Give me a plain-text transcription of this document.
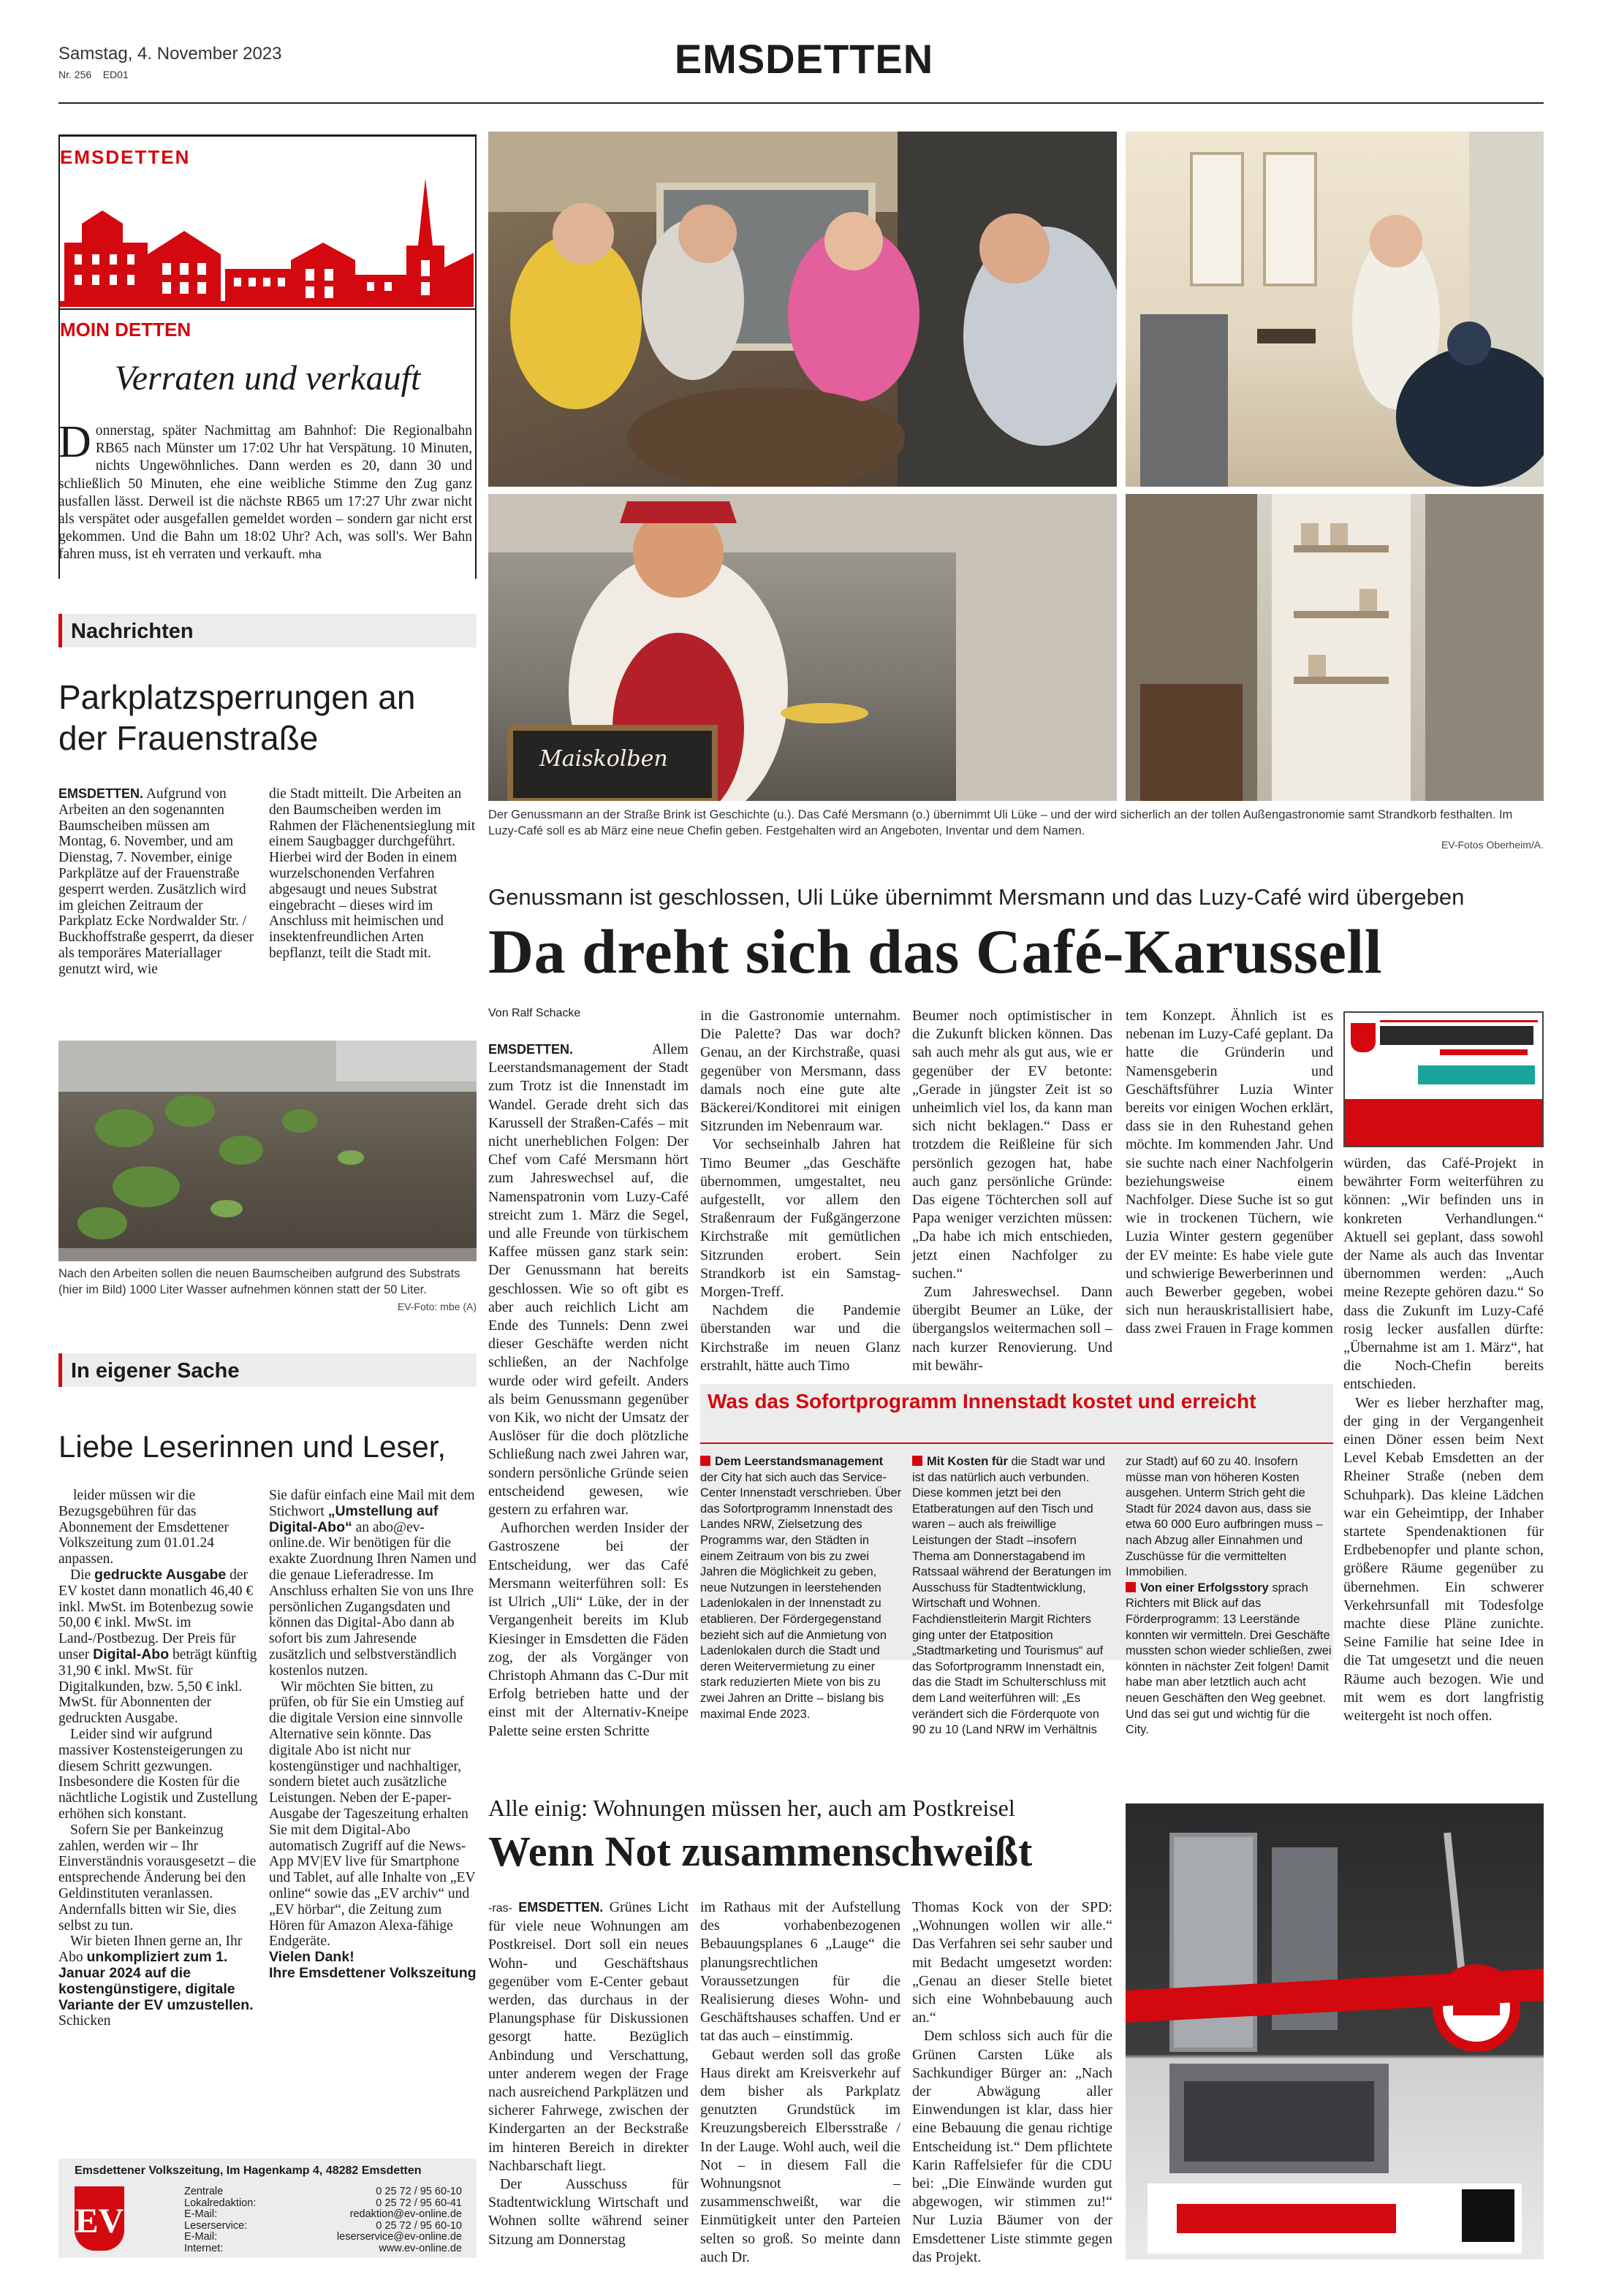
Samstag, 4. November 2023
Nr. 256 ED01	EMSDETTEN
EMSDETTEN
MOIN DETTEN
Verraten und verkauft
Donnerstag, später Nachmittag am Bahnhof: Die Regionalbahn RB65 nach Münster um 17:02 Uhr hat Verspätung. 10 Minuten, nichts Ungewöhnliches. Dann werden es 20, dann 30 und schließlich 50 Minuten, ehe eine weibliche Stimme den Zug ganz ausfallen lässt. Derweil ist die nächste RB65 um 17:27 Uhr zwar nicht als verspätet oder ausgefallen gemeldet worden – sondern gar nicht erst gekommen. Und die Bahn um 18:02 Uhr? Ach, was soll's. Wer Bahn fahren muss, ist eh verraten und verkauft. mha
Nachrichten
Parkplatzsperrungen an der Frauenstraße
EMSDETTEN. Aufgrund von Arbeiten an den sogenannten Baumscheiben müssen am Montag, 6. November, und am Dienstag, 7. November, einige Parkplätze auf der Frauenstraße gesperrt werden. Zusätzlich wird im gleichen Zeitraum der Parkplatz Ecke Nordwalder Str. / Buckhoffstraße gesperrt, da dieser als temporäres Materiallager genutzt wird, wie
die Stadt mitteilt. Die Arbeiten an den Baumscheiben werden im Rahmen der Flächenentsieglung mit einem Saugbagger durchgeführt. Hierbei wird der Boden in einem wurzelschonenden Verfahren abgesaugt und neues Substrat eingebracht – dieses wird im Anschluss mit heimischen und insektenfreundlichen Arten bepflanzt, teilt die Stadt mit.
Nach den Arbeiten sollen die neuen Baumscheiben aufgrund des Substrats (hier im Bild) 1000 Liter Wasser aufnehmen können statt der 50 Liter.
EV-Foto: mbe (A)
In eigener Sache
Liebe Leserinnen und Leser,

leider müssen wir die Bezugsgebühren für das Abonnement der Emsdettener Volkszeitung zum 01.01.24 anpassen.

Die gedruckte Ausgabe der EV kostet dann monatlich 46,40 € inkl. MwSt. im Botenbezug sowie 50,00 € inkl. MwSt. im Land-/Postbezug. Der Preis für unser Digital-Abo beträgt künftig 31,90 € inkl. MwSt. für Digitalkunden, bzw. 5,50 € inkl. MwSt. für Abonnenten der gedruckten Ausgabe.

Leider sind wir aufgrund massiver Kostensteigerungen zu diesem Schritt gezwungen. Insbesondere die Kosten für die nächtliche Logistik und Zustellung erhöhen sich konstant.

Sofern Sie per Bankeinzug zahlen, werden wir – Ihr Einverständnis vorausgesetzt – die entsprechende Änderung bei den Geldinstituten veranlassen. Andernfalls bitten wir Sie, dies selbst zu tun.

Wir bieten Ihnen gerne an, Ihr Abo unkompliziert zum 1. Januar 2024 auf die kostengünstigere, digitale Variante der EV umzustellen. Schicken

Sie dafür einfach eine Mail mit dem Stichwort „Umstellung auf Digital-Abo“ an abo@ev-online.de. Wir benötigen für die exakte Zuordnung Ihren Namen und die genaue Lieferadresse. Im Anschluss erhalten Sie von uns Ihre persönlichen Zugangsdaten und können das Digital-Abo dann ab sofort bis zum Jahresende zusätzlich und selbstverständlich kostenlos nutzen.

Wir möchten Sie bitten, zu prüfen, ob für Sie ein Umstieg auf die digitale Version eine sinnvolle Alternative sein könnte. Das digitale Abo ist nicht nur kostengünstiger und nachhaltiger, sondern bietet auch zusätzliche Leistungen. Neben der E-paper-Ausgabe der Tageszeitung erhalten Sie mit dem Digital-Abo automatisch Zugriff auf die News-App MV|EV live für Smartphone und Tablet, auf alle Inhalte von „EV online“ sowie das „EV archiv“ und „EV hörbar“, die Zeitung zum Hören für Amazon Alexa-fähige Endgeräte.

Vielen Dank!

Ihre Emsdettener Volkszeitung

Emsdettener Volkszeitung, Im Hagenkamp 4, 48282 Emsdetten
EV
Zentrale	0 25 72 / 95 60-10
Lokalredaktion:	0 25 72 / 95 60-41
E-Mail:	redaktion@ev-online.de
Leserservice:	0 25 72 / 95 60-10
E-Mail:	leserservice@ev-online.de
Internet:	www.ev-online.de
Maiskolben
Der Genussmann an der Straße Brink ist Geschichte (u.). Das Café Mersmann (o.) übernimmt Uli Lüke – und der wird sicherlich an der tollen Außengastronomie samt Strandkorb festhalten. Im Luzy-Café soll es ab März eine neue Chefin geben. Festgehalten wird an Angeboten, Inventar und dem Namen.
EV-Fotos Oberheim/A.
Genussmann ist geschlossen, Uli Lüke übernimmt Mersmann und das Luzy-Café wird übergeben
Da dreht sich das Café-Karussell
Von Ralf Schacke

EMSDETTEN.	Allem Leerstandsmanagement der Stadt zum Trotz ist die Innenstadt im Wandel. Gerade dreht sich das Karussell der Straßen-Cafés – mit nicht unerheblichen Folgen: Der Chef vom Café Mersmann hört zum Jahreswechsel auf, die Namenspatronin vom Luzy-Café streicht zum 1. März die Segel, und alle Freunde von türkischem Kaffee müssen ganz stark sein: Der Genussmann hat bereits geschlossen. Wie so oft gibt es aber auch reichlich Licht am Ende des Tunnels: Denn zwei dieser Geschäfte werden nicht schließen, an der Nachfolge wurde oder wird gefeilt. Anders als beim Genussmann gegenüber von Kik, wo nicht der Umsatz der Auslöser für die doch plötzliche Schließung nach zwei Jahren war, sondern persönliche Gründe seien entscheidend gewesen, wie gestern zu erfahren war.

Aufhorchen werden Insider der Gastroszene bei der Entscheidung, wer das Café Mersmann weiterführen soll: Es ist Ulrich „Uli“ Lüke, der in der Vergangenheit bereits im Klub Kiesinger in Emsdetten die Fäden zog, der als Vorgänger von Christoph Ahmann das C-Dur mit Erfolg betrieben hatte und der einst mit der Alternativ-Kneipe Palette seine ersten Schritte

in die Gastronomie unternahm. Die Palette? Das war doch? Genau, an der Kirchstraße, quasi gegenüber von Mersmann, dass damals noch eine gute alte Bäckerei/Konditorei mit einigen Sitzrunden im Nebenraum war.

Vor sechseinhalb Jahren hat Timo Beumer „das Geschäfte übernommen, umgestaltet, neu aufgestellt, vor allem den Straßenraum der Fußgängerzone Kirchstraße mit gemütlichen Sitzrunden erobert. Sein Strandkorb ist ein Samstag-Morgen-Treff.

Nachdem die Pandemie überstanden war und die Kirchstraße im neuen Glanz erstrahlt, hätte auch Timo

Beumer noch optimistischer in die Zukunft blicken können. Das sah auch mehr als gut aus, wie er gegenüber der EV betonte: „Gerade in jüngster Zeit ist so unheimlich viel los, da kann man sich nicht beklagen.“ Dass er trotzdem die Reißleine für sich persönlich gezogen hat, habe auch ganz persönliche Gründe: Das eigene Töchterchen soll auf Papa weniger verzichten müssen: „Da habe ich mich entschieden, jetzt einen Nachfolger zu suchen.“

Zum Jahreswechsel. Dann übergibt Beumer an Lüke, der übergangslos weitermachen soll – nach kurzer Renovierung. Und mit bewähr-

tem Konzept. Ähnlich ist es nebenan im Luzy-Café geplant. Da hatte die Gründerin und Namensgeberin und Geschäftsführer Luzia Winter bereits vor einigen Wochen erklärt, dass sie in den Ruhestand gehen möchte. Im kommenden Jahr. Und sie suchte nach einer Nachfolgerin beziehungsweise einem Nachfolger. Diese Suche ist so gut wie in trockenen Tüchern, wie Luzia Winter gestern gegenüber der EV meinte: Es habe viele gute und schwierige Bewerberinnen und auch Bewerber gegeben, wobei sich nun herauskristallisiert habe, dass zwei Frauen in Frage kommen

würden, das Café-Projekt in bewährter Form weiterführen zu können: „Wir befinden uns in konkreten Verhandlungen.“ Aktuell sei geplant, dass sowohl der Name als auch das Inventar übernommen werden: „Auch meine Rezepte gehören dazu.“ So dass die Zukunft im Luzy-Café rosig lecker ausfallen dürfte: „Übernahme ist am 1. März“, hat die Noch-Chefin bereits entschieden.

Wer es lieber herzhafter mag, der ging in der Vergangenheit einen Döner essen beim Next Level Kebab Emsdetten an der Rheiner Straße (neben dem Schuhpark). Das kleine Lädchen war ein Geheimtipp, der Inhaber startete Spendenaktionen für Erdbebenopfer und plante schon, größere Räume gegenüber zu übernehmen. Ein schwerer Verkehrsunfall mit Todesfolge machte diese Pläne zunichte. Seine Familie hat seine Idee in die Tat umgesetzt und die neuen Räume auch bezogen. Wie und mit wem es dort langfristig weitergeht ist noch offen.

Was das Sofortprogramm Innenstadt kostet und erreicht
Dem Leerstandsmanagement der City hat sich auch das Service-Center Innenstadt verschrieben. Über das Sofortprogramm Innenstadt des Landes NRW, Zielsetzung des Programms war, den Städten in einem Zeitraum von bis zu zwei Jahren die Möglichkeit zu geben, neue Nutzungen in leerstehenden Ladenlokalen in der Innenstadt zu etablieren. Der Fördergegenstand bezieht sich auf die Anmietung von Ladenlokalen durch die Stadt und deren Weitervermietung zu einer stark reduzierten Miete von bis zu zwei Jahren an Dritte – bislang bis maximal Ende 2023.
Mit Kosten für die Stadt war und ist das natürlich auch verbunden. Diese kommen jetzt bei den Etatberatungen auf den Tisch und waren – auch als freiwillige Leistungen der Stadt –insofern Thema am Donnerstagabend im Ratssaal während der Beratungen im Ausschuss für Stadtentwicklung, Wirtschaft und Wohnen. Fachdienstleiterin Margit Richters ging unter der Etatposition „Stadtmarketing und Tourismus“ auf das Sofortprogramm Innenstadt ein, das die Stadt im Schulterschluss mit dem Land weiterführen will: „Es verändert sich die Förderquote von 90 zu 10 (Land NRW im Verhältnis
zur Stadt) auf 60 zu 40. Insofern müsse man von höheren Kosten ausgehen. Unterm Strich geht die Stadt für 2024 davon aus, dass sie etwa 60 000 Euro aufbringen muss – nach Abzug aller Einnahmen und Zuschüsse für die vermittelten Immobilien.
Von einer Erfolgsstory sprach Richters mit Blick auf das Förderprogramm: 13 Leerstände konnten wir vermitteln. Drei Geschäfte mussten schon wieder schließen, zwei könnten in nächster Zeit folgen! Damit habe man aber letztlich auch acht neuen Geschäften den Weg geebnet. Und das sei gut und wichtig für die City.
Alle einig: Wohnungen müssen her, auch am Postkreisel
Wenn Not zusammenschweißt

-ras- EMSDETTEN. Grünes Licht für viele neue Wohnungen am Postkreisel. Dort soll ein neues Wohn- und Geschäftshaus gegenüber vom E-Center gebaut werden, das durchaus in der Planungsphase für Diskussionen gesorgt hatte. Bezüglich Anbindung und Verschattung, unter anderem wegen der Frage nach ausreichend Parkplätzen und sicherer Fahrwege, zwischen der Kindergarten an der Beckstraße im hinteren Bereich in direkter Nachbarschaft liegt.

Der Ausschuss für Stadtentwicklung Wirtschaft und Wohnen sollte während seiner Sitzung am Donnerstag

im Rathaus mit der Aufstellung des vorhabenbezogenen Bebauungsplanes 6 „Lauge“ die planungsrechtlichen Voraussetzungen für die Realisierung dieses Wohn- und Geschäftshauses schaffen. Und er tat das auch – einstimmig.

Gebaut werden soll das große Haus direkt am Kreisverkehr auf dem bisher als Parkplatz genutzten Grundstück im Kreuzungsbereich Elbersstraße / In der Lauge. Wohl auch, weil die Not – in diesem Fall die Wohnungsnot – zusammenschweißt, war die Einmütigkeit unter den Parteien selten so groß. So meinte dann auch Dr.

Thomas Kock von der SPD: „Wohnungen wollen wir alle.“ Das Verfahren sei sehr sauber und mit Bedacht umgesetzt worden: „Genau an dieser Stelle bietet sich eine Wohnbebauung auch an.“

Dem schloss sich auch für die Grünen Carsten Lüke als Sachkundiger Bürger an: „Nach der Abwägung aller Einwendungen ist klar, dass hier eine Bebauung die genau richtige Entscheidung ist.“ Dem pflichtete Karin Raffelsiefer für die CDU bei: „Die Einwände wurden gut abgewogen, wir stimmen zu!“ Nur Luzia Bäumer von der Emsdettener Liste stimmte gegen das Projekt.
